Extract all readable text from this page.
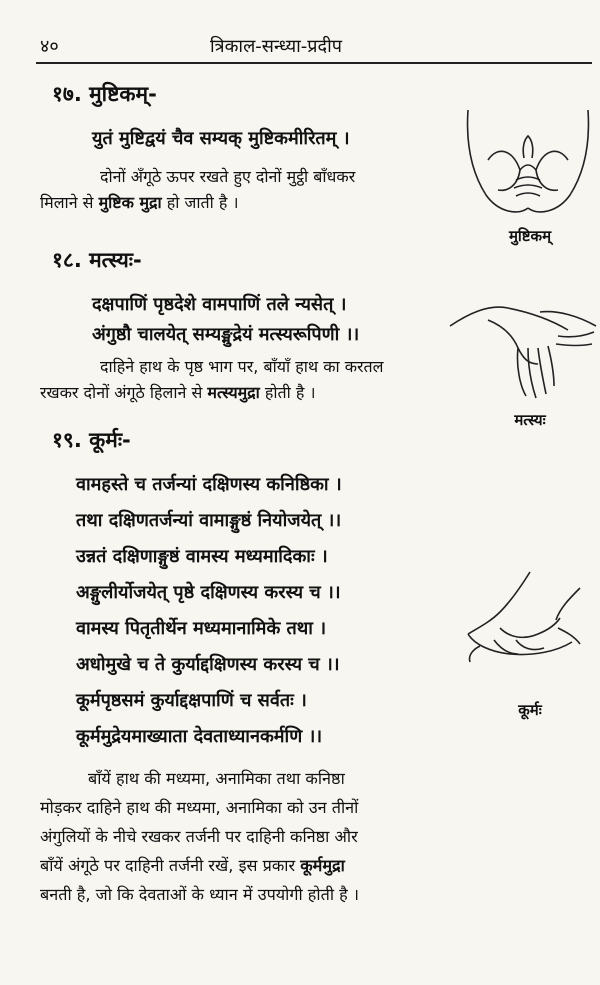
४०	त्रिकाल-सन्ध्या-प्रदीप
१७. मुष्टिकम्-
युतं मुष्टिद्वयं चैव सम्यक् मुष्टिकमीरितम् ।
दोनों अँगूठे ऊपर रखते हुए दोनों मुट्ठी बाँधकर
मिलाने से मुष्टिक मुद्रा हो जाती है ।
मुष्टिकम्
१८. मत्स्यः-
दक्षपाणिं पृष्ठदेशे वामपाणिं तले न्यसेत् ।
अंगुष्ठौ चालयेत् सम्यङ्मुद्रेयं मत्स्यरूपिणी ।।
दाहिने हाथ के पृष्ठ भाग पर, बाँयाँ हाथ का करतल
रखकर दोनों अंगूठे हिलाने से मत्स्यमुद्रा होती है ।
मत्स्यः
१९. कूर्मः-
वामहस्ते च तर्जन्यां दक्षिणस्य कनिष्ठिका ।
तथा दक्षिणतर्जन्यां वामाङ्गुष्ठं नियोजयेत् ।।
उन्नतं दक्षिणाङ्गुष्ठं वामस्य मध्यमादिकाः ।
अङ्गुलीर्योजयेत् पृष्ठे दक्षिणस्य करस्य च ।।
वामस्य पितृतीर्थेन मध्यमानामिके तथा ।
अधोमुखे च ते कुर्याद्दक्षिणस्य करस्य च ।।
कूर्मपृष्ठसमं कुर्याद्दक्षपाणिं च सर्वतः ।
कूर्ममुद्रेयमाख्याता देवताध्यानकर्मणि ।।
कूर्मः
बाँयें हाथ की मध्यमा, अनामिका तथा कनिष्ठा
मोड़कर दाहिने हाथ की मध्यमा, अनामिका को उन तीनों
अंगुलियों के नीचे रखकर तर्जनी पर दाहिनी कनिष्ठा और
बाँयें अंगूठे पर दाहिनी तर्जनी रखें, इस प्रकार कूर्ममुद्रा
बनती है, जो कि देवताओं के ध्यान में उपयोगी होती है ।
